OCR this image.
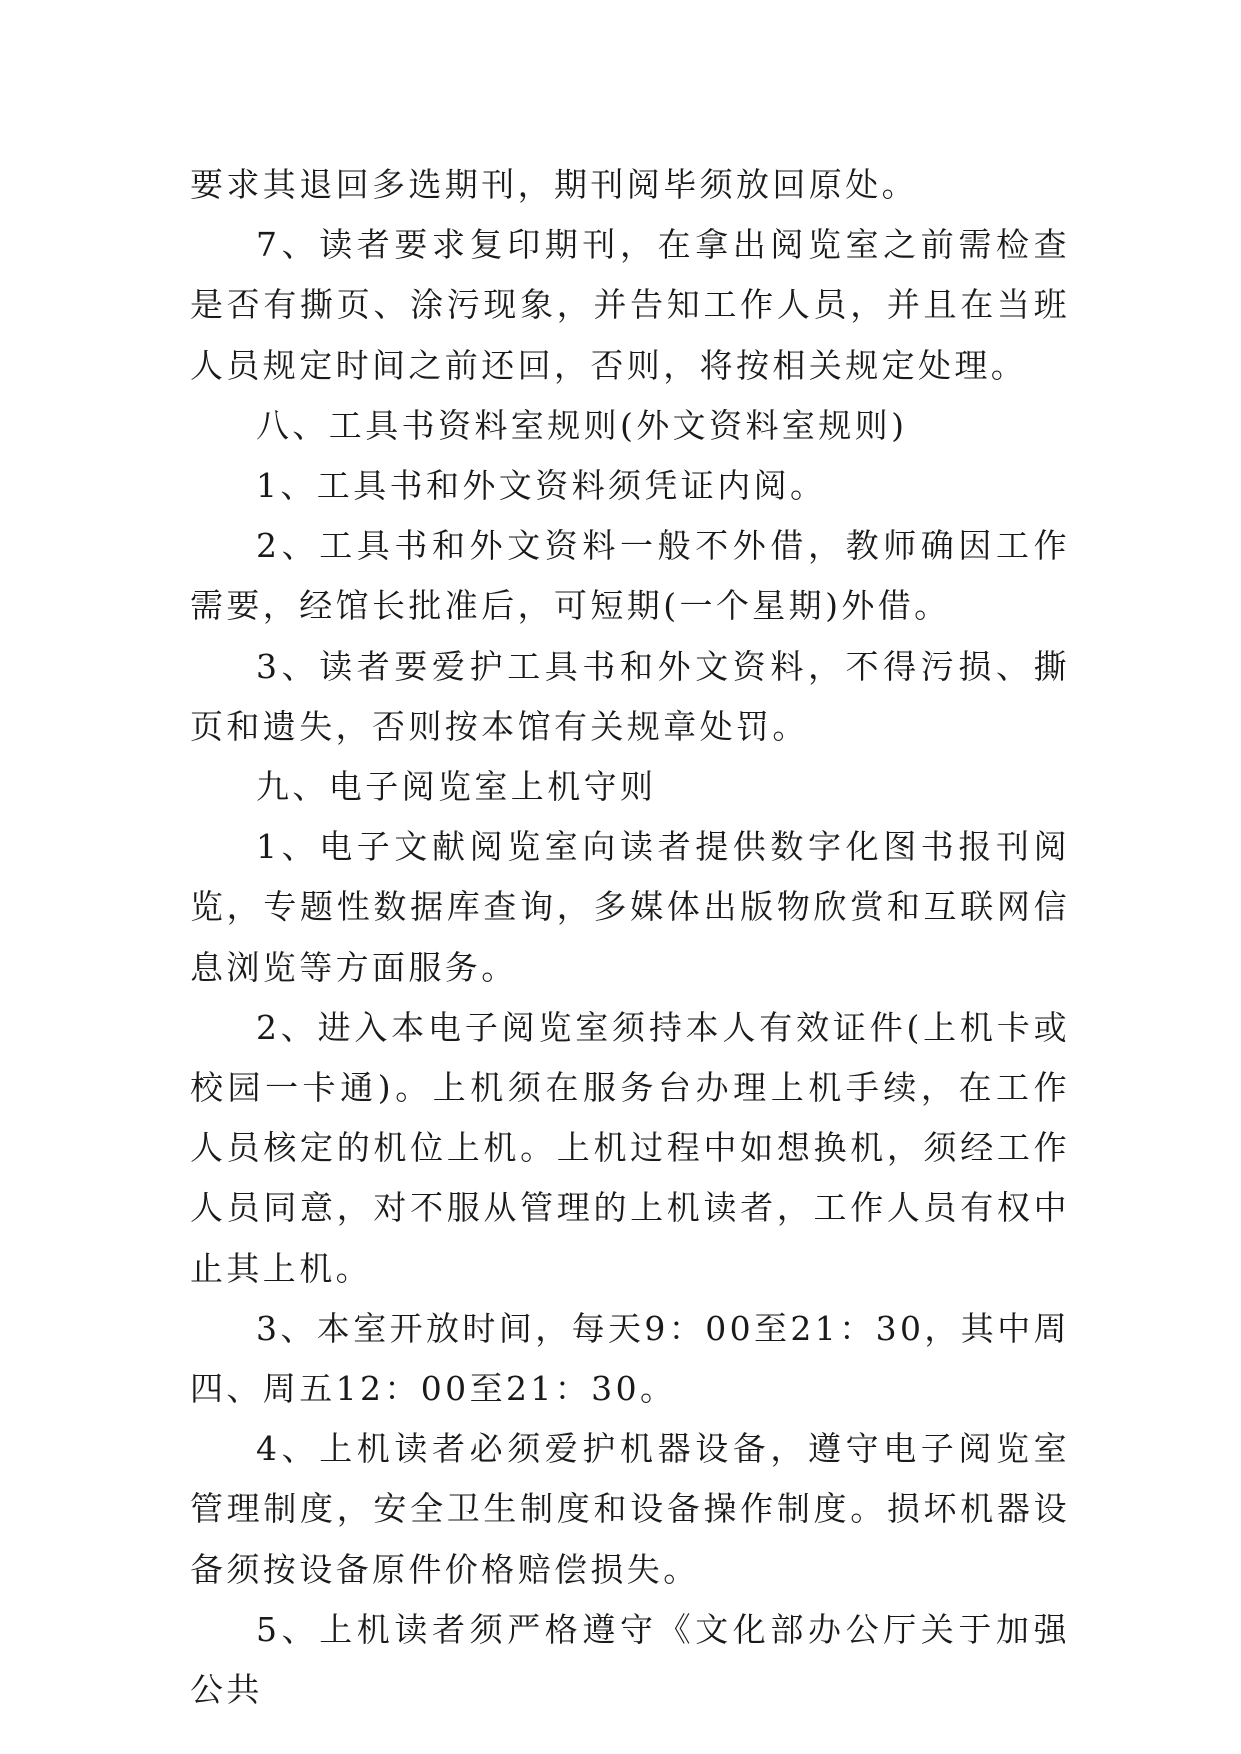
要求其退回多选期刊，期刊阅毕须放回原处。

7、读者要求复印期刊，在拿出阅览室之前需检查是否有撕页、涂污现象，并告知工作人员，并且在当班人员规定时间之前还回，否则，将按相关规定处理。

八、工具书资料室规则(外文资料室规则)

1、工具书和外文资料须凭证内阅。

2、工具书和外文资料一般不外借，教师确因工作需要，经馆长批准后，可短期(一个星期)外借。

3、读者要爱护工具书和外文资料，不得污损、撕页和遗失，否则按本馆有关规章处罚。

九、电子阅览室上机守则

1、电子文献阅览室向读者提供数字化图书报刊阅览，专题性数据库查询，多媒体出版物欣赏和互联网信息浏览等方面服务。

2、进入本电子阅览室须持本人有效证件(上机卡或校园一卡通)。上机须在服务台办理上机手续，在工作人员核定的机位上机。上机过程中如想换机，须经工作人员同意，对不服从管理的上机读者，工作人员有权中止其上机。

3、本室开放时间，每天9：00至21：30，其中周四、周五12：00至21：30。

4、上机读者必须爱护机器设备，遵守电子阅览室管理制度，安全卫生制度和设备操作制度。损坏机器设备须按设备原件价格赔偿损失。

5、上机读者须严格遵守《文化部办公厅关于加强公共
